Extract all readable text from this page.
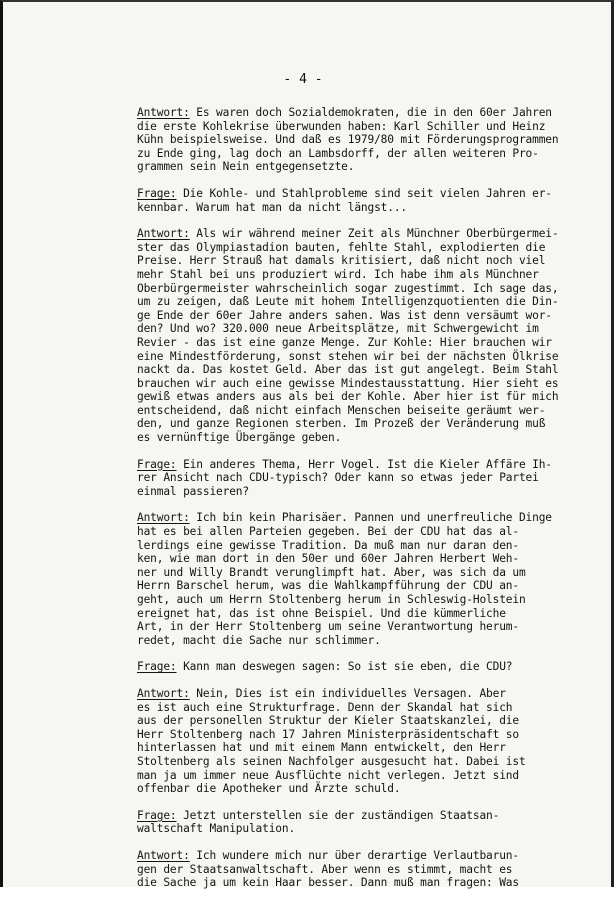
- 4 -

Antwort: Es waren doch Sozialdemokraten, die in den 60er Jahren
die erste Kohlekrise überwunden haben: Karl Schiller und Heinz
Kühn beispielsweise. Und daß es 1979/80 mit Förderungsprogrammen
zu Ende ging, lag doch an Lambsdorff, der allen weiteren Pro-
grammen sein Nein entgegensetzte.

Frage: Die Kohle- und Stahlprobleme sind seit vielen Jahren er-
kennbar. Warum hat man da nicht längst...

Antwort: Als wir während meiner Zeit als Münchner Oberbürgermei-
ster das Olympiastadion bauten, fehlte Stahl, explodierten die
Preise. Herr Strauß hat damals kritisiert, daß nicht noch viel
mehr Stahl bei uns produziert wird. Ich habe ihm als Münchner
Oberbürgermeister wahrscheinlich sogar zugestimmt. Ich sage das,
um zu zeigen, daß Leute mit hohem Intelligenzquotienten die Din-
ge Ende der 60er Jahre anders sahen. Was ist denn versäumt wor-
den? Und wo? 320.000 neue Arbeitsplätze, mit Schwergewicht im
Revier - das ist eine ganze Menge. Zur Kohle: Hier brauchen wir
eine Mindestförderung, sonst stehen wir bei der nächsten Ölkrise
nackt da. Das kostet Geld. Aber das ist gut angelegt. Beim Stahl
brauchen wir auch eine gewisse Mindestausstattung. Hier sieht es
gewiß etwas anders aus als bei der Kohle. Aber hier ist für mich
entscheidend, daß nicht einfach Menschen beiseite geräumt wer-
den, und ganze Regionen sterben. Im Prozeß der Veränderung muß
es vernünftige Übergänge geben.

Frage: Ein anderes Thema, Herr Vogel. Ist die Kieler Affäre Ih-
rer Ansicht nach CDU-typisch? Oder kann so etwas jeder Partei
einmal passieren?

Antwort: Ich bin kein Pharisäer. Pannen und unerfreuliche Dinge
hat es bei allen Parteien gegeben. Bei der CDU hat das al-
lerdings eine gewisse Tradition. Da muß man nur daran den-
ken, wie man dort in den 50er und 60er Jahren Herbert Weh-
ner und Willy Brandt verunglimpft hat. Aber, was sich da um
Herrn Barschel herum, was die Wahlkampfführung der CDU an-
geht, auch um Herrn Stoltenberg herum in Schleswig-Holstein
ereignet hat, das ist ohne Beispiel. Und die kümmerliche
Art, in der Herr Stoltenberg um seine Verantwortung herum-
redet, macht die Sache nur schlimmer.

Frage: Kann man deswegen sagen: So ist sie eben, die CDU?

Antwort: Nein, Dies ist ein individuelles Versagen. Aber
es ist auch eine Strukturfrage. Denn der Skandal hat sich
aus der personellen Struktur der Kieler Staatskanzlei, die
Herr Stoltenberg nach 17 Jahren Ministerpräsidentschaft so
hinterlassen hat und mit einem Mann entwickelt, den Herr
Stoltenberg als seinen Nachfolger ausgesucht hat. Dabei ist
man ja um immer neue Ausflüchte nicht verlegen. Jetzt sind
offenbar die Apotheker und Ärzte schuld.

Frage: Jetzt unterstellen sie der zuständigen Staatsan-
waltschaft Manipulation.

Antwort: Ich wundere mich nur über derartige Verlautbarun-
gen der Staatsanwaltschaft. Aber wenn es stimmt, macht es
die Sache ja um kein Haar besser. Dann muß man fragen: Was
